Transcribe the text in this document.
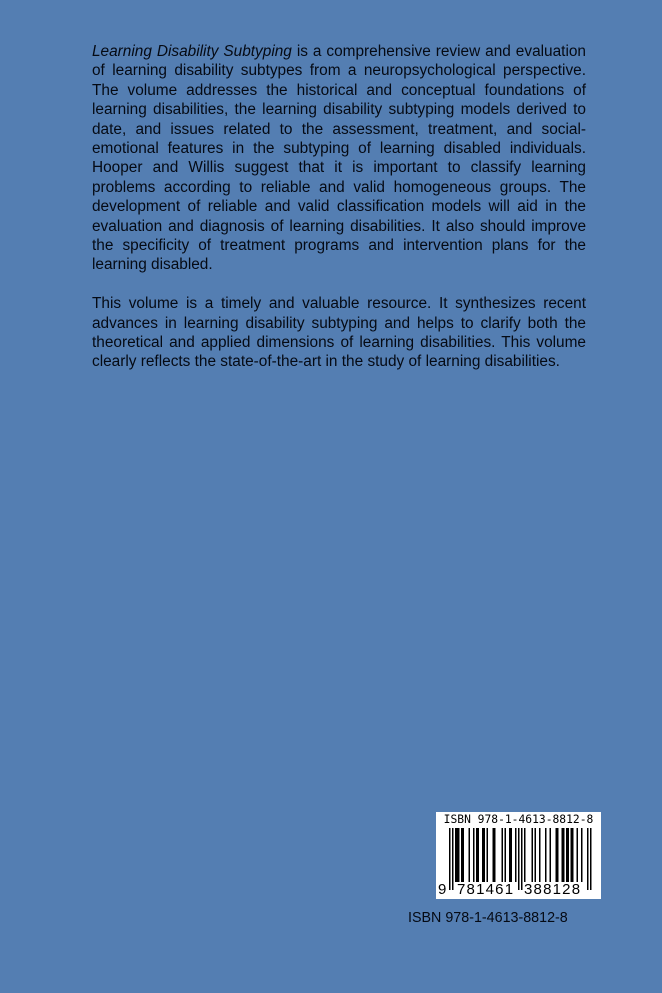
Learning Disability Subtyping is a comprehensive review and evaluation of learning disability subtypes from a neuropsychological perspective. The volume addresses the historical and conceptual foundations of learning disabilities, the learning disability subtyping models derived to date, and issues related to the assessment, treatment, and social-emotional features in the subtyping of learning disabled individuals. Hooper and Willis suggest that it is important to classify learning problems according to reliable and valid homogeneous groups. The development of reliable and valid classification models will aid in the evaluation and diagnosis of learning disabilities. It also should improve the specificity of treatment programs and intervention plans for the learning disabled.

This volume is a timely and valuable resource. It synthesizes recent advances in learning disability subtyping and helps to clarify both the theoretical and applied dimensions of learning disabilities. This volume clearly reflects the state-of-the-art in the study of learning disabilities.

ISBN 978-1-4613-8812-8
9 781461 388128
ISBN 978-1-4613-8812-8
